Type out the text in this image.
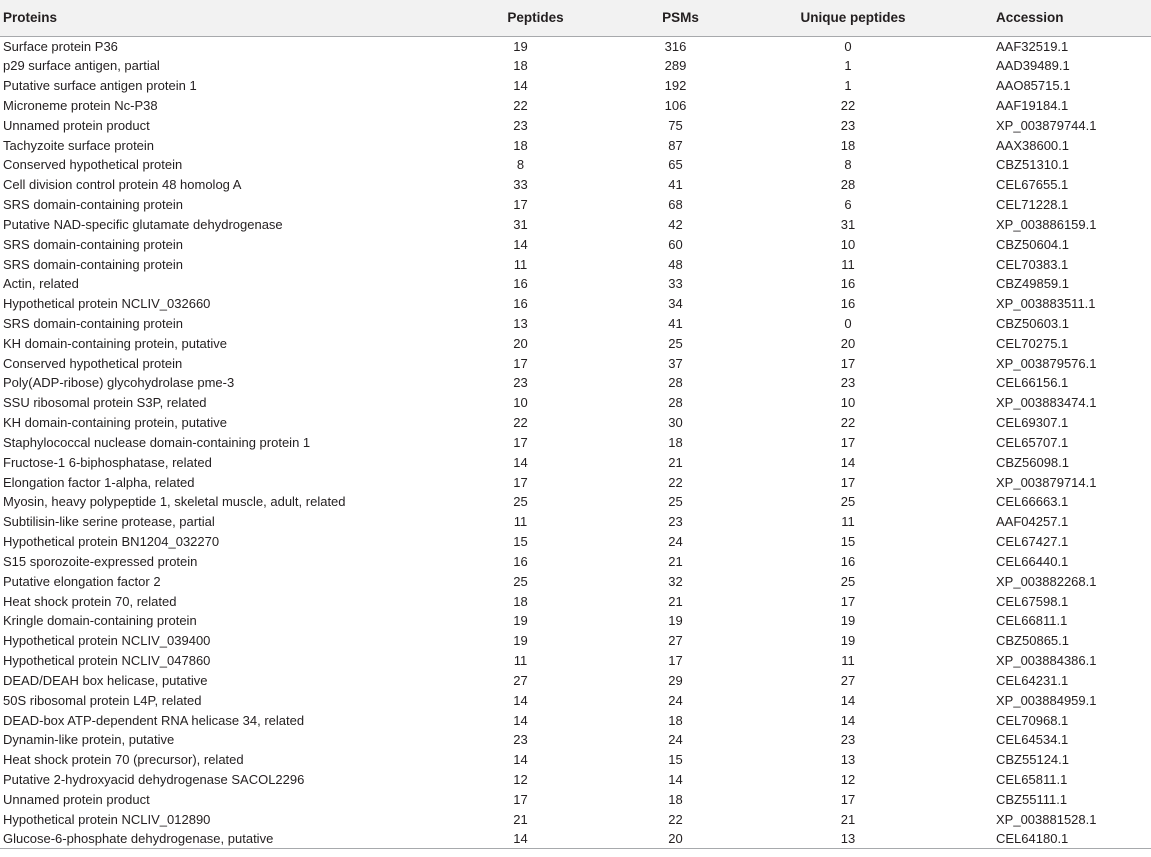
Proteins	Peptides	PSMs	Unique peptides	Accession
Surface protein P36	19	316	0	AAF32519.1
p29 surface antigen, partial	18	289	1	AAD39489.1
Putative surface antigen protein 1	14	192	1	AAO85715.1
Microneme protein Nc-P38	22	106	22	AAF19184.1
Unnamed protein product	23	75	23	XP_003879744.1
Tachyzoite surface protein	18	87	18	AAX38600.1
Conserved hypothetical protein	8	65	8	CBZ51310.1
Cell division control protein 48 homolog A	33	41	28	CEL67655.1
SRS domain-containing protein	17	68	6	CEL71228.1
Putative NAD-specific glutamate dehydrogenase	31	42	31	XP_003886159.1
SRS domain-containing protein	14	60	10	CBZ50604.1
SRS domain-containing protein	11	48	11	CEL70383.1
Actin, related	16	33	16	CBZ49859.1
Hypothetical protein NCLIV_032660	16	34	16	XP_003883511.1
SRS domain-containing protein	13	41	0	CBZ50603.1
KH domain-containing protein, putative	20	25	20	CEL70275.1
Conserved hypothetical protein	17	37	17	XP_003879576.1
Poly(ADP-ribose) glycohydrolase pme-3	23	28	23	CEL66156.1
SSU ribosomal protein S3P, related	10	28	10	XP_003883474.1
KH domain-containing protein, putative	22	30	22	CEL69307.1
Staphylococcal nuclease domain-containing protein 1	17	18	17	CEL65707.1
Fructose-1 6-biphosphatase, related	14	21	14	CBZ56098.1
Elongation factor 1-alpha, related	17	22	17	XP_003879714.1
Myosin, heavy polypeptide 1, skeletal muscle, adult, related	25	25	25	CEL66663.1
Subtilisin-like serine protease, partial	11	23	11	AAF04257.1
Hypothetical protein BN1204_032270	15	24	15	CEL67427.1
S15 sporozoite-expressed protein	16	21	16	CEL66440.1
Putative elongation factor 2	25	32	25	XP_003882268.1
Heat shock protein 70, related	18	21	17	CEL67598.1
Kringle domain-containing protein	19	19	19	CEL66811.1
Hypothetical protein NCLIV_039400	19	27	19	CBZ50865.1
Hypothetical protein NCLIV_047860	11	17	11	XP_003884386.1
DEAD/DEAH box helicase, putative	27	29	27	CEL64231.1
50S ribosomal protein L4P, related	14	24	14	XP_003884959.1
DEAD-box ATP-dependent RNA helicase 34, related	14	18	14	CEL70968.1
Dynamin-like protein, putative	23	24	23	CEL64534.1
Heat shock protein 70 (precursor), related	14	15	13	CBZ55124.1
Putative 2-hydroxyacid dehydrogenase SACOL2296	12	14	12	CEL65811.1
Unnamed protein product	17	18	17	CBZ55111.1
Hypothetical protein NCLIV_012890	21	22	21	XP_003881528.1
Glucose-6-phosphate dehydrogenase, putative	14	20	13	CEL64180.1
